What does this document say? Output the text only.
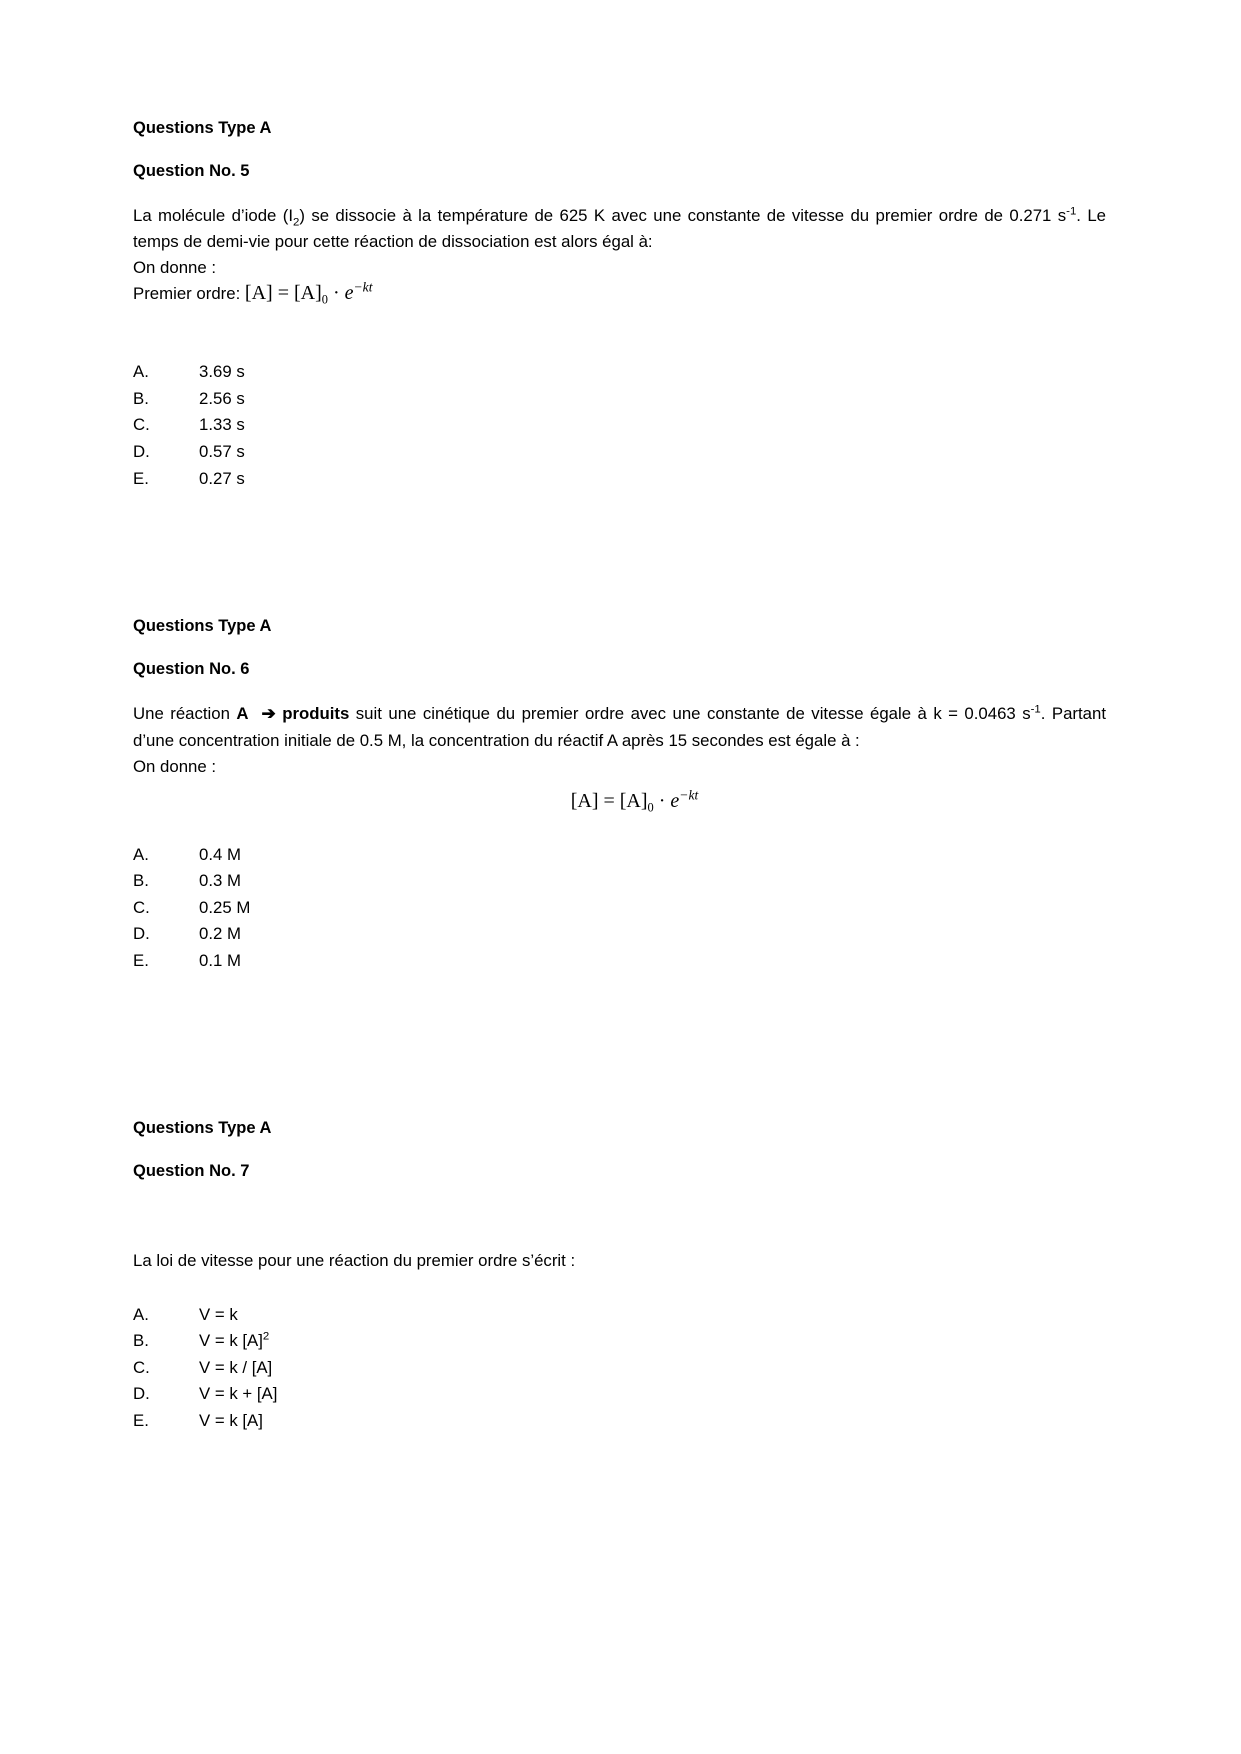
Questions Type A

Question No. 5

La molécule d’iode $(I_2)$ se dissocie à la température de 625 K avec une constante de vitesse du premier ordre de 0.271 $s^{-1}$. Le temps de demi-vie pour cette réaction de dissociation est alors égal à:

On donne :

Premier ordre: $[A] = [A]_0 \cdot e^{-kt}$

A.	3.69 s
B.	2.56 s
C.	1.33 s
D.	0.57 s
E.	0.27 s

Questions Type A

Question No. 6

Une réaction A ➔ produits suit une cinétique du premier ordre avec une constante de vitesse égale à k = 0.0463 $s^{-1}$. Partant d’une concentration initiale de 0.5 M, la concentration du réactif A après 15 secondes est égale à :

On donne :

$[A] = [A]_0 \cdot e^{-kt}$

A.	0.4 M
B.	0.3 M
C.	0.25 M
D.	0.2 M
E.	0.1 M

Questions Type A

Question No. 7

La loi de vitesse pour une réaction du premier ordre s’écrit :

A.	V = k
B.	V = k $[A]^2$
C.	V = k / [A]
D.	V = k + [A]
E.	V = k [A]
